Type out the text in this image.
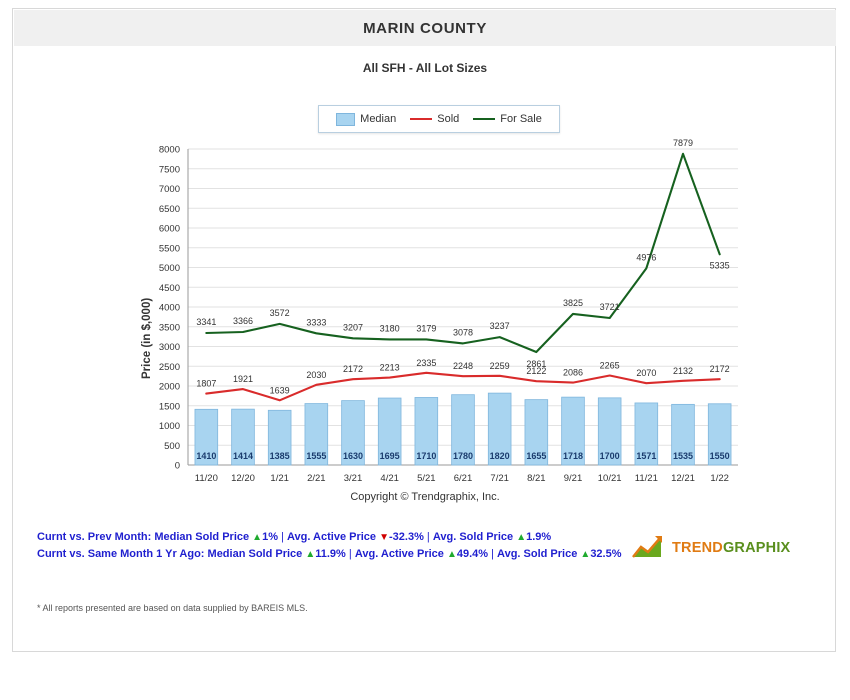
MARIN COUNTY
All SFH - All Lot Sizes
Median	Sold	For Sale
Price (in $,000)
0
500
1000
1500
2000
2500
3000
3500
4000
4500
5000
5500
6000
6500
7000
7500
8000
1410 1414 1385 1555 1630 1695 1710 1780 1820 1655 1718 1700 1571 1535 1550
1807 1921
1639
2030
2172 2213 2335 2248 2259
2122 2086
2265
2070 2132 2172
3341 3366
3572
3333 3207 3180 3179 3078
3237
2861
3825 3721
4976
7879
5335
11/20 12/20 1/21 2/21 3/21 4/21 5/21 6/21 7/21 8/21 9/21 10/21 11/21 12/21 1/22
Copyright © Trendgraphix, Inc.
Curnt vs. Prev Month: Median Sold Price ▲1% | Avg. Active Price ▼-32.3% | Avg. Sold Price ▲1.9%
Curnt vs. Same Month 1 Yr Ago: Median Sold Price ▲11.9% | Avg. Active Price ▲49.4% | Avg. Sold Price ▲32.5%
* All reports presented are based on data supplied by BAREIS MLS.
TRENDGRAPHIX
